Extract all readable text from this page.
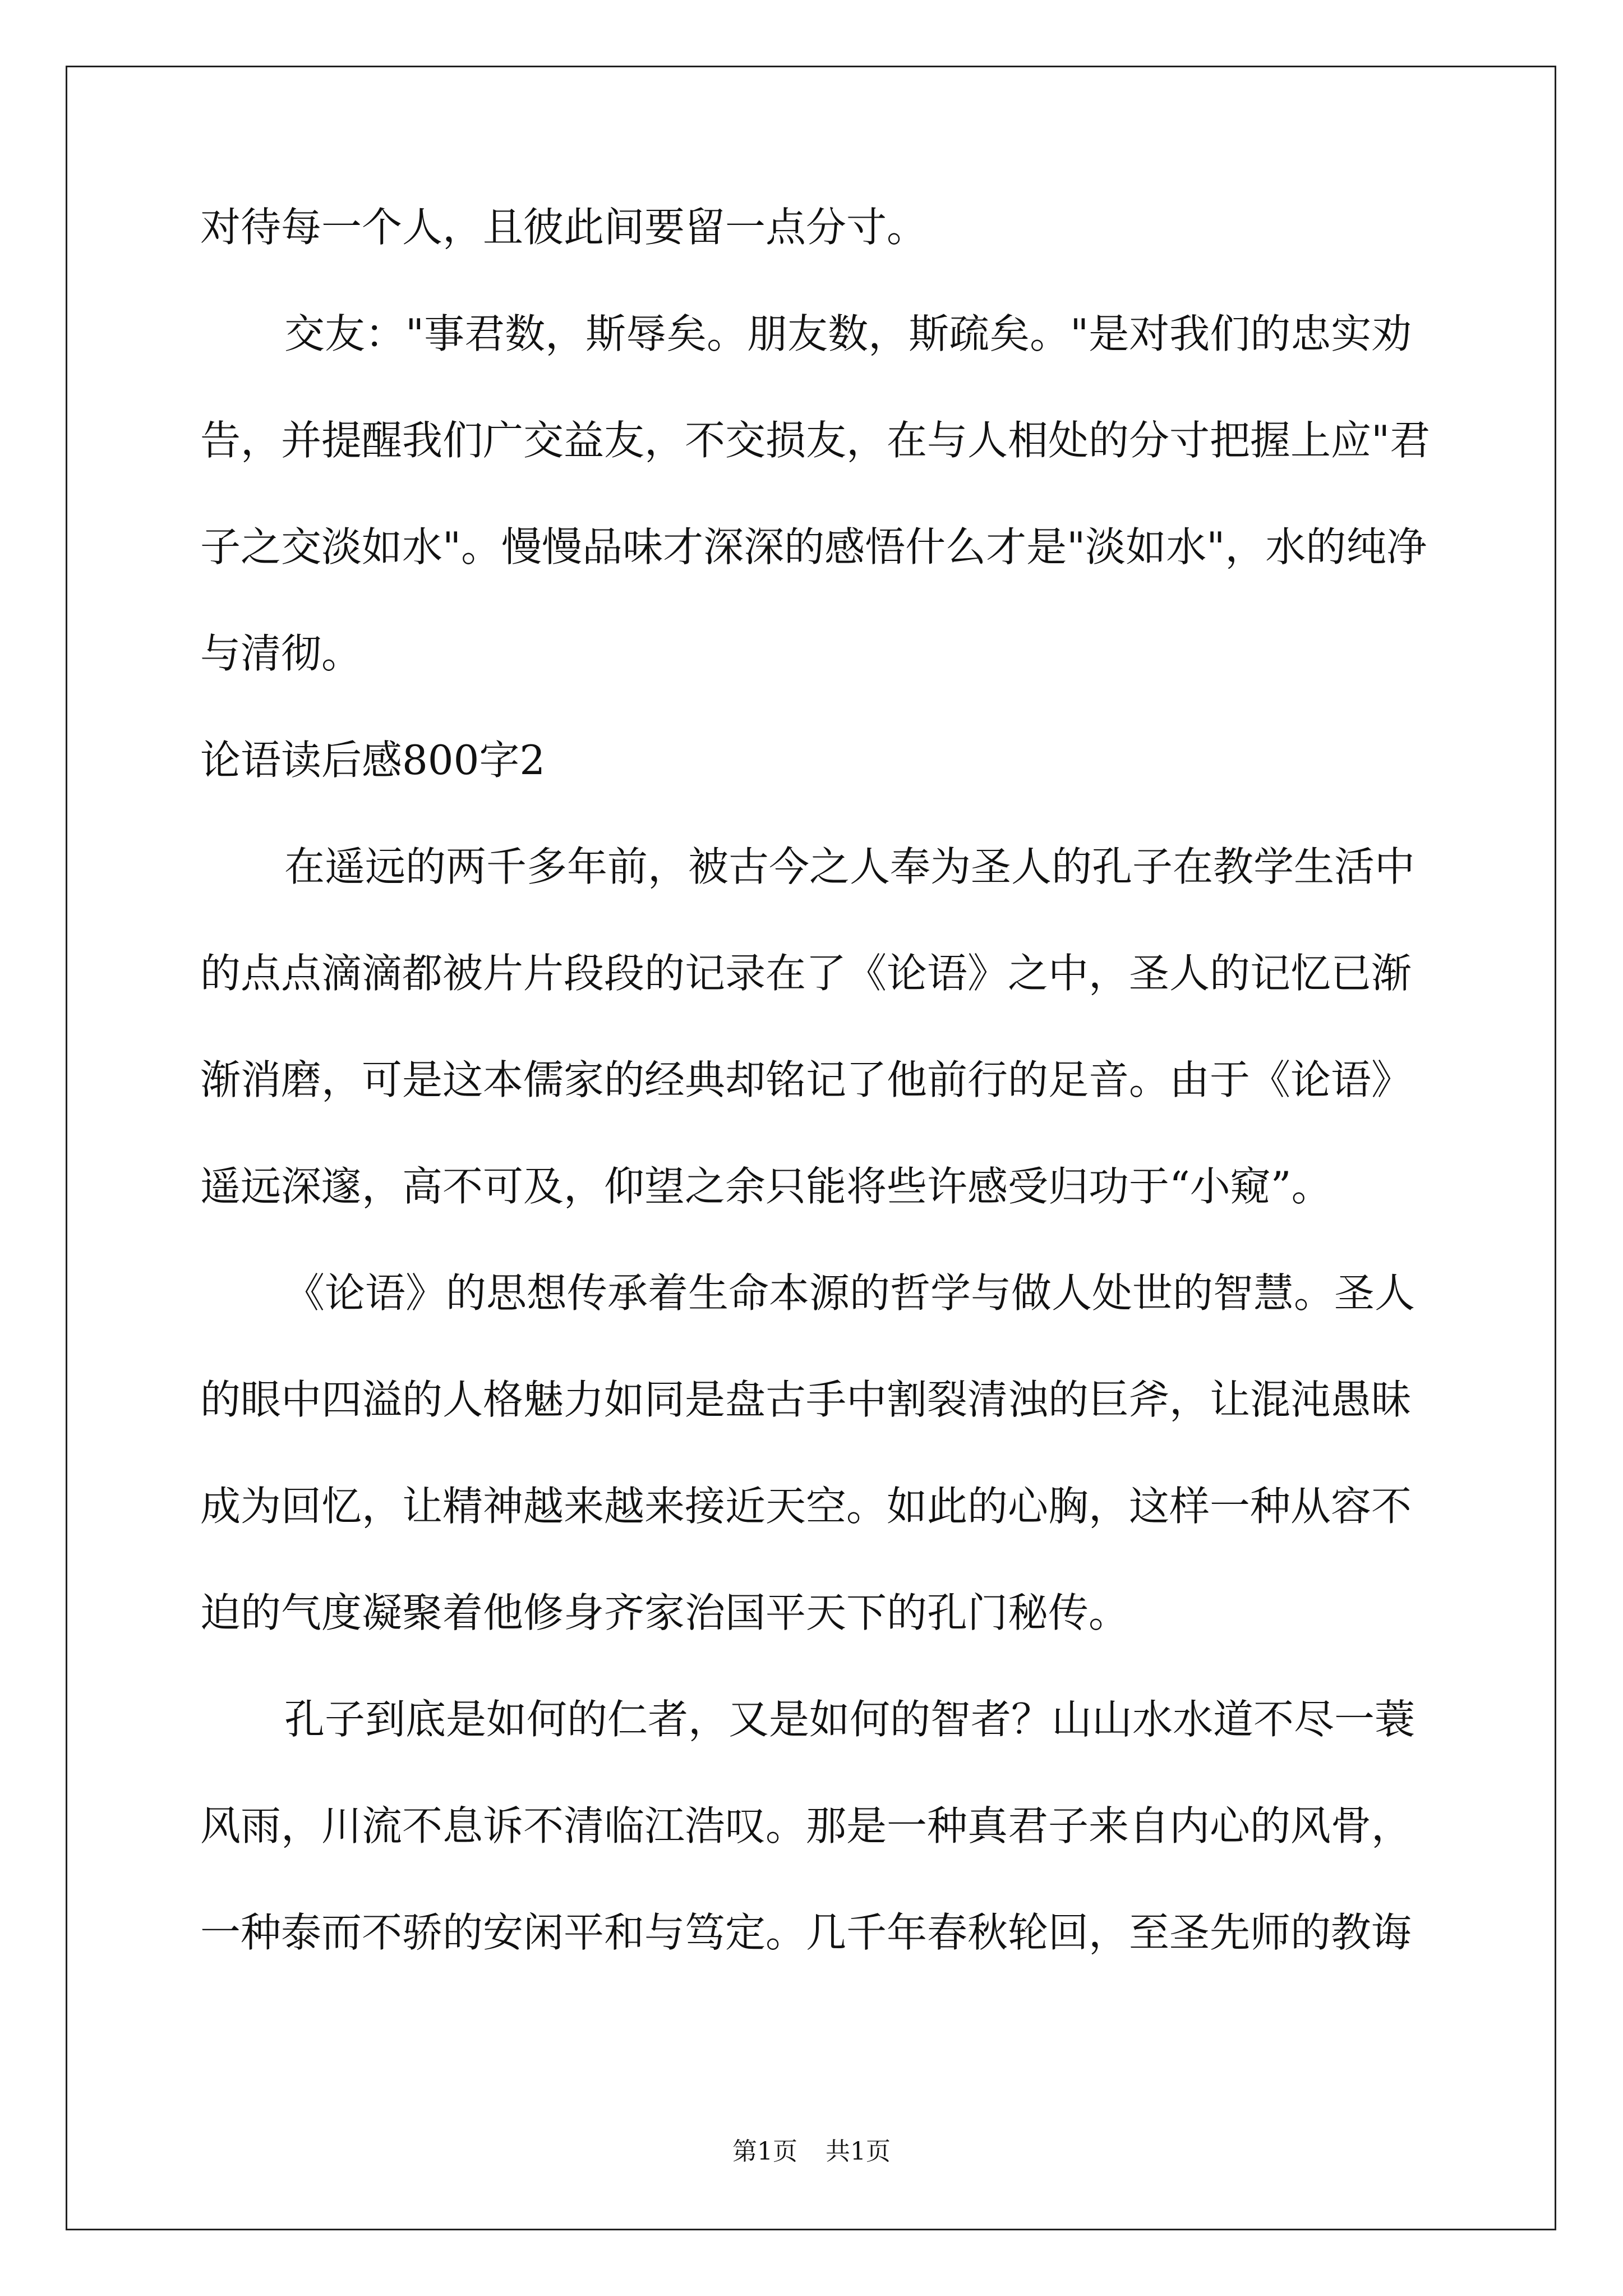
对待每一个人，且彼此间要留一点分寸。
交友："事君数，斯辱矣。朋友数，斯疏矣。"是对我们的忠实劝
告，并提醒我们广交益友，不交损友，在与人相处的分寸把握上应"君
子之交淡如水"。慢慢品味才深深的感悟什么才是"淡如水"，水的纯净
与清彻。
论语读后感800字2
在遥远的两千多年前，被古今之人奉为圣人的孔子在教学生活中
的点点滴滴都被片片段段的记录在了《论语》之中，圣人的记忆已渐
渐消磨，可是这本儒家的经典却铭记了他前行的足音。由于《论语》
遥远深邃，高不可及，仰望之余只能将些许感受归功于“小窥”。
《论语》的思想传承着生命本源的哲学与做人处世的智慧。圣人
的眼中四溢的人格魅力如同是盘古手中割裂清浊的巨斧，让混沌愚昧
成为回忆，让精神越来越来接近天空。如此的心胸，这样一种从容不
迫的气度凝聚着他修身齐家治国平天下的孔门秘传。
孔子到底是如何的仁者，又是如何的智者？山山水水道不尽一蓑
风雨，川流不息诉不清临江浩叹。那是一种真君子来自内心的风骨，
一种泰而不骄的安闲平和与笃定。几千年春秋轮回，至圣先师的教诲
第1页 共1页
